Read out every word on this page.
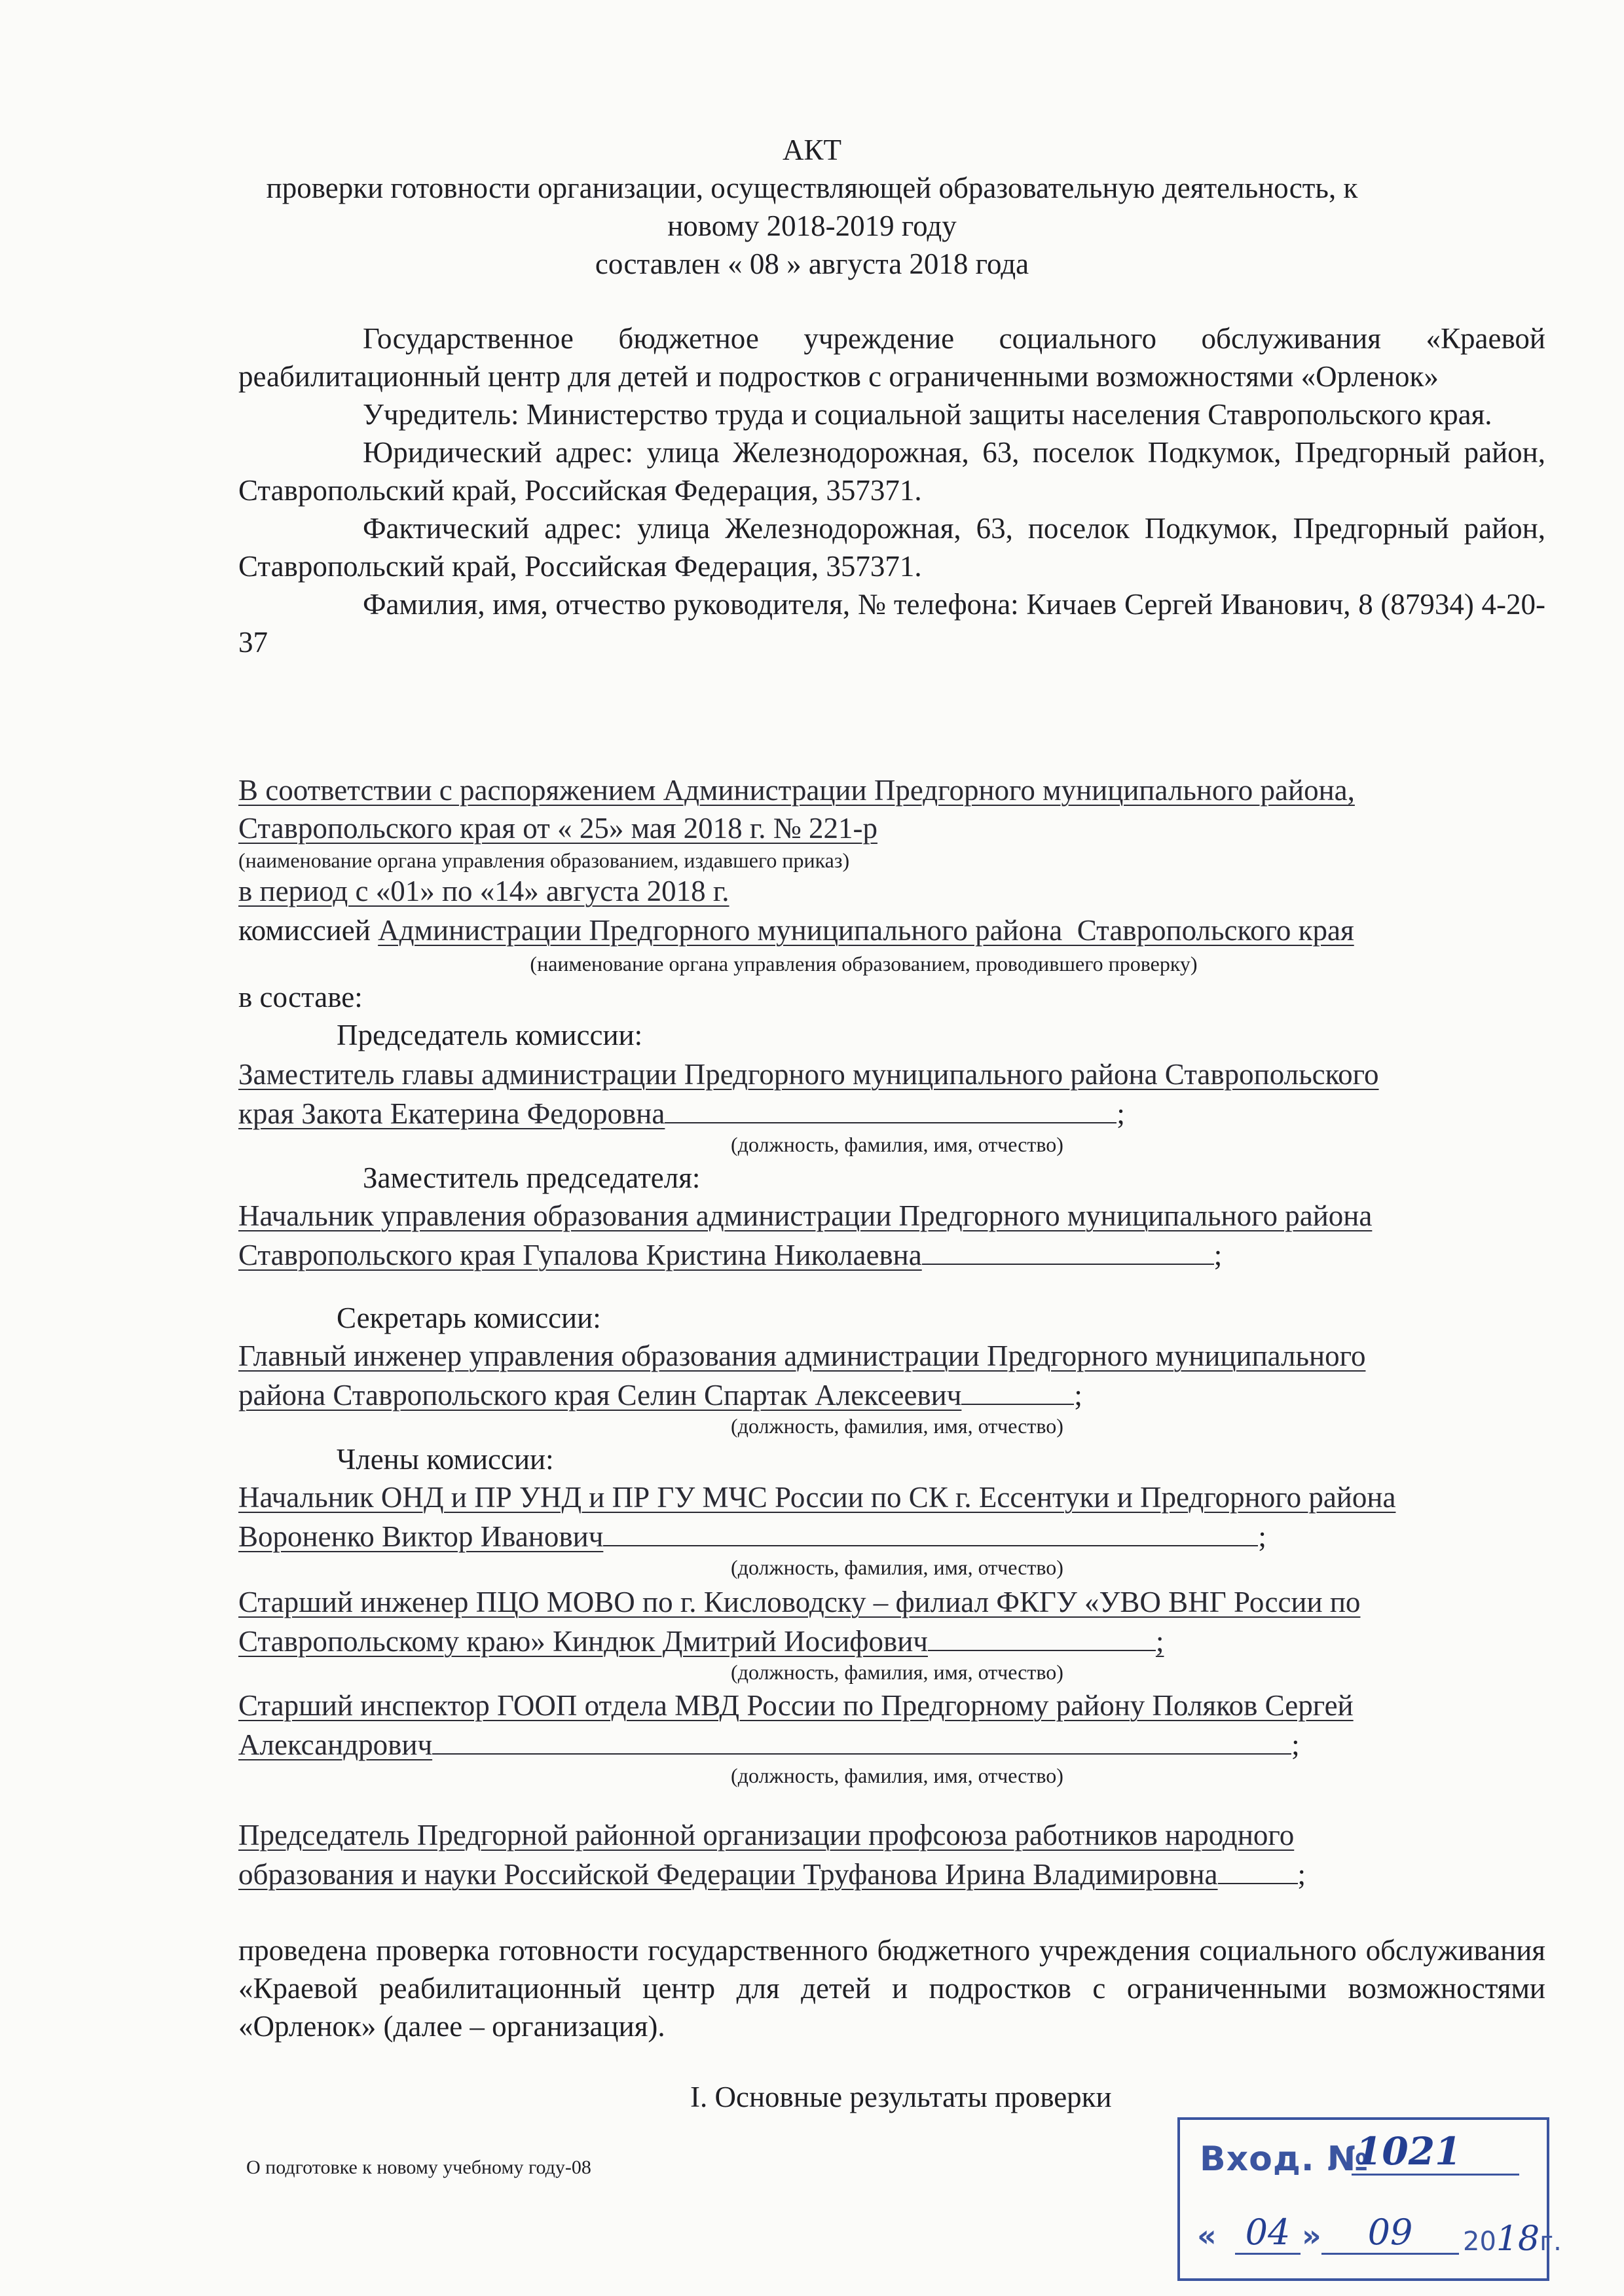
АКТ
проверки готовности организации, осуществляющей образовательную деятельность, к
новому 2018-2019 году
составлен « 08 » августа 2018 года
Государственное бюджетное учреждение социального обслуживания «Краевой реабилитационный центр для детей и подростков с ограниченными возможностями «Орленок»
Учредитель: Министерство труда и социальной защиты населения Ставропольского края.
Юридический адрес: улица Железнодорожная, 63, поселок Подкумок, Предгорный район, Ставропольский край, Российская Федерация, 357371.
Фактический адрес: улица Железнодорожная, 63, поселок Подкумок, Предгорный район, Ставропольский край, Российская Федерация, 357371.
Фамилия, имя, отчество руководителя, № телефона: Кичаев Сергей Иванович, 8 (87934) 4-20-37
В соответствии с распоряжением Администрации Предгорного муниципального района,
Ставропольского края от « 25» мая 2018 г. № 221-р
(наименование органа управления образованием, издавшего приказ)
в период с «01» по «14» августа 2018 г.
комиссией Администрации Предгорного муниципального района  Ставропольского края
(наименование органа управления образованием, проводившего проверку)
в составе:
Председатель комиссии:
Заместитель главы администрации Предгорного муниципального района Ставропольского
края Закота Екатерина Федоровна	;
(должность, фамилия, имя, отчество)
Заместитель председателя:
Начальник управления образования администрации Предгорного муниципального района
Ставропольского края Гупалова Кристина Николаевна	;
Секретарь комиссии:
Главный инженер управления образования администрации Предгорного муниципального
района Ставропольского края Селин Спартак Алексеевич	;
(должность, фамилия, имя, отчество)
Члены комиссии:
Начальник ОНД и ПР УНД и ПР ГУ МЧС России по СК г. Ессентуки и Предгорного района
Вороненко Виктор Иванович	;
(должность, фамилия, имя, отчество)
Старший инженер ПЦО МОВО по г. Кисловодску – филиал ФКГУ «УВО ВНГ России по
Ставропольскому краю» Киндюк Дмитрий Иосифович	;
(должность, фамилия, имя, отчество)
Старший инспектор ГООП отдела МВД России по Предгорному району Поляков Сергей
Александрович	;
(должность, фамилия, имя, отчество)
Председатель Предгорной районной организации профсоюза работников народного
образования и науки Российской Федерации Труфанова Ирина Владимировна	;
проведена проверка готовности государственного бюджетного учреждения социального обслуживания «Краевой реабилитационный центр для детей и подростков с ограниченными возможностями «Орленок» (далее – организация).
I. Основные результаты проверки
О подготовке к новому учебному году-08	Вход. №
1021
« 04 »	09	2018г.
